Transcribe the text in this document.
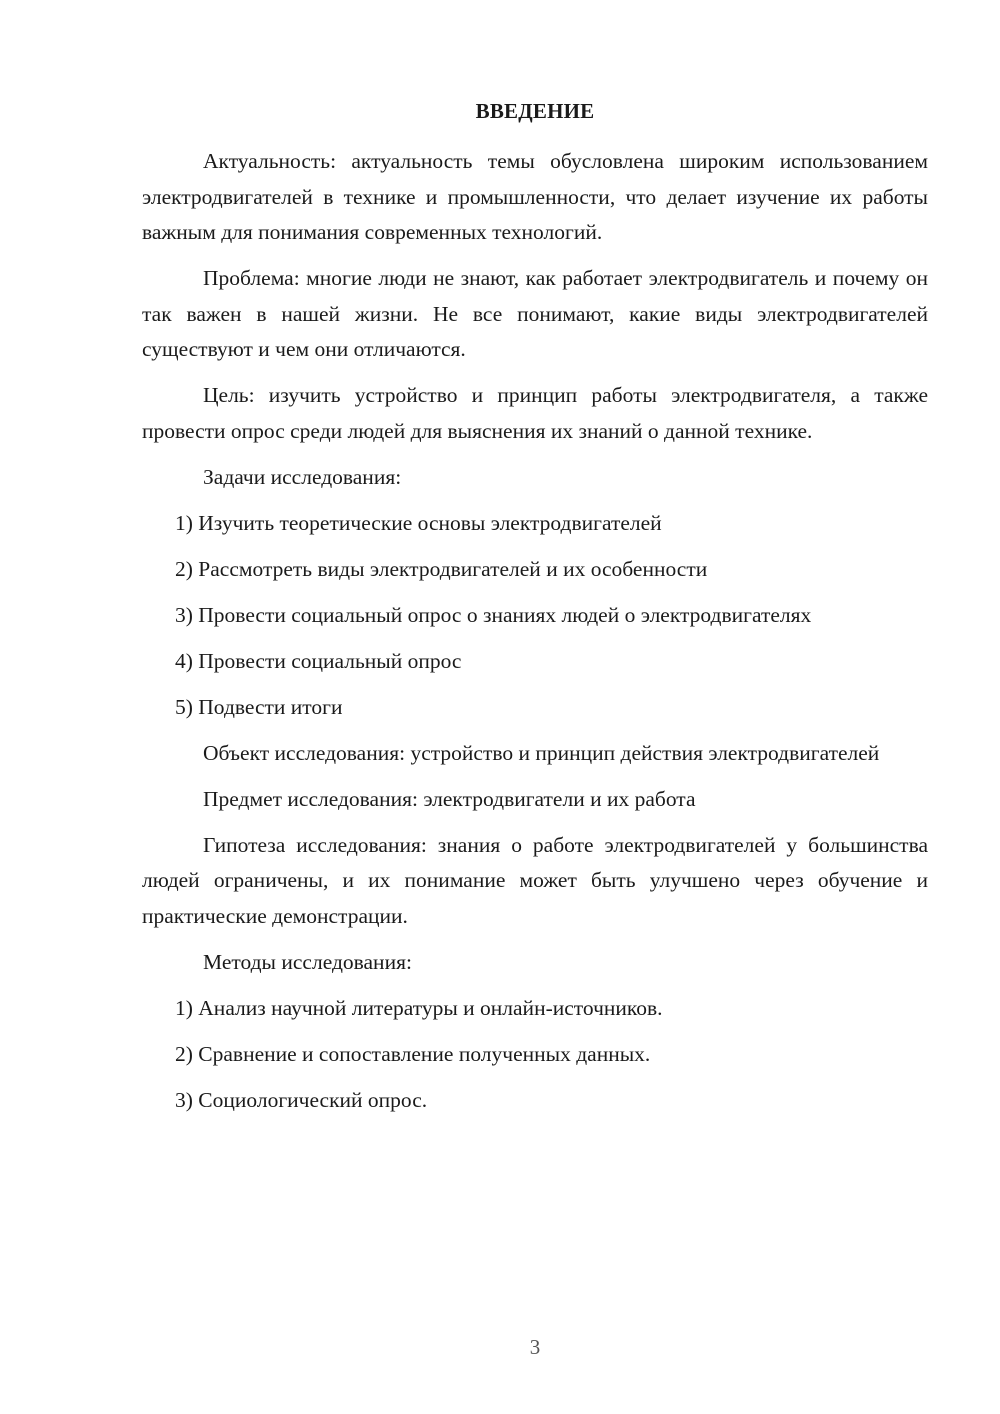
ВВЕДЕНИЕ

Актуальность: актуальность темы обусловлена широким использованием электродвигателей в технике и промышленности, что делает изучение их работы важным для понимания современных технологий.

Проблема: многие люди не знают, как работает электродвигатель и почему он так важен в нашей жизни. Не все понимают, какие виды электродвигателей существуют и чем они отличаются.

Цель: изучить устройство и принцип работы электродвигателя, а также провести опрос среди людей для выяснения их знаний о данной технике.

Задачи исследования:

1) Изучить теоретические основы электродвигателей
2) Рассмотреть виды электродвигателей и их особенности
3) Провести социальный опрос о знаниях людей о электродвигателях
4) Провести социальный опрос
5) Подвести итоги

Объект исследования: устройство и принцип действия электродвигателей

Предмет исследования: электродвигатели и их работа

Гипотеза исследования: знания о работе электродвигателей у большинства людей ограничены, и их понимание может быть улучшено через обучение и практические демонстрации.

Методы исследования:

1) Анализ научной литературы и онлайн-источников.
2) Сравнение и сопоставление полученных данных.
3) Социологический опрос.
3
